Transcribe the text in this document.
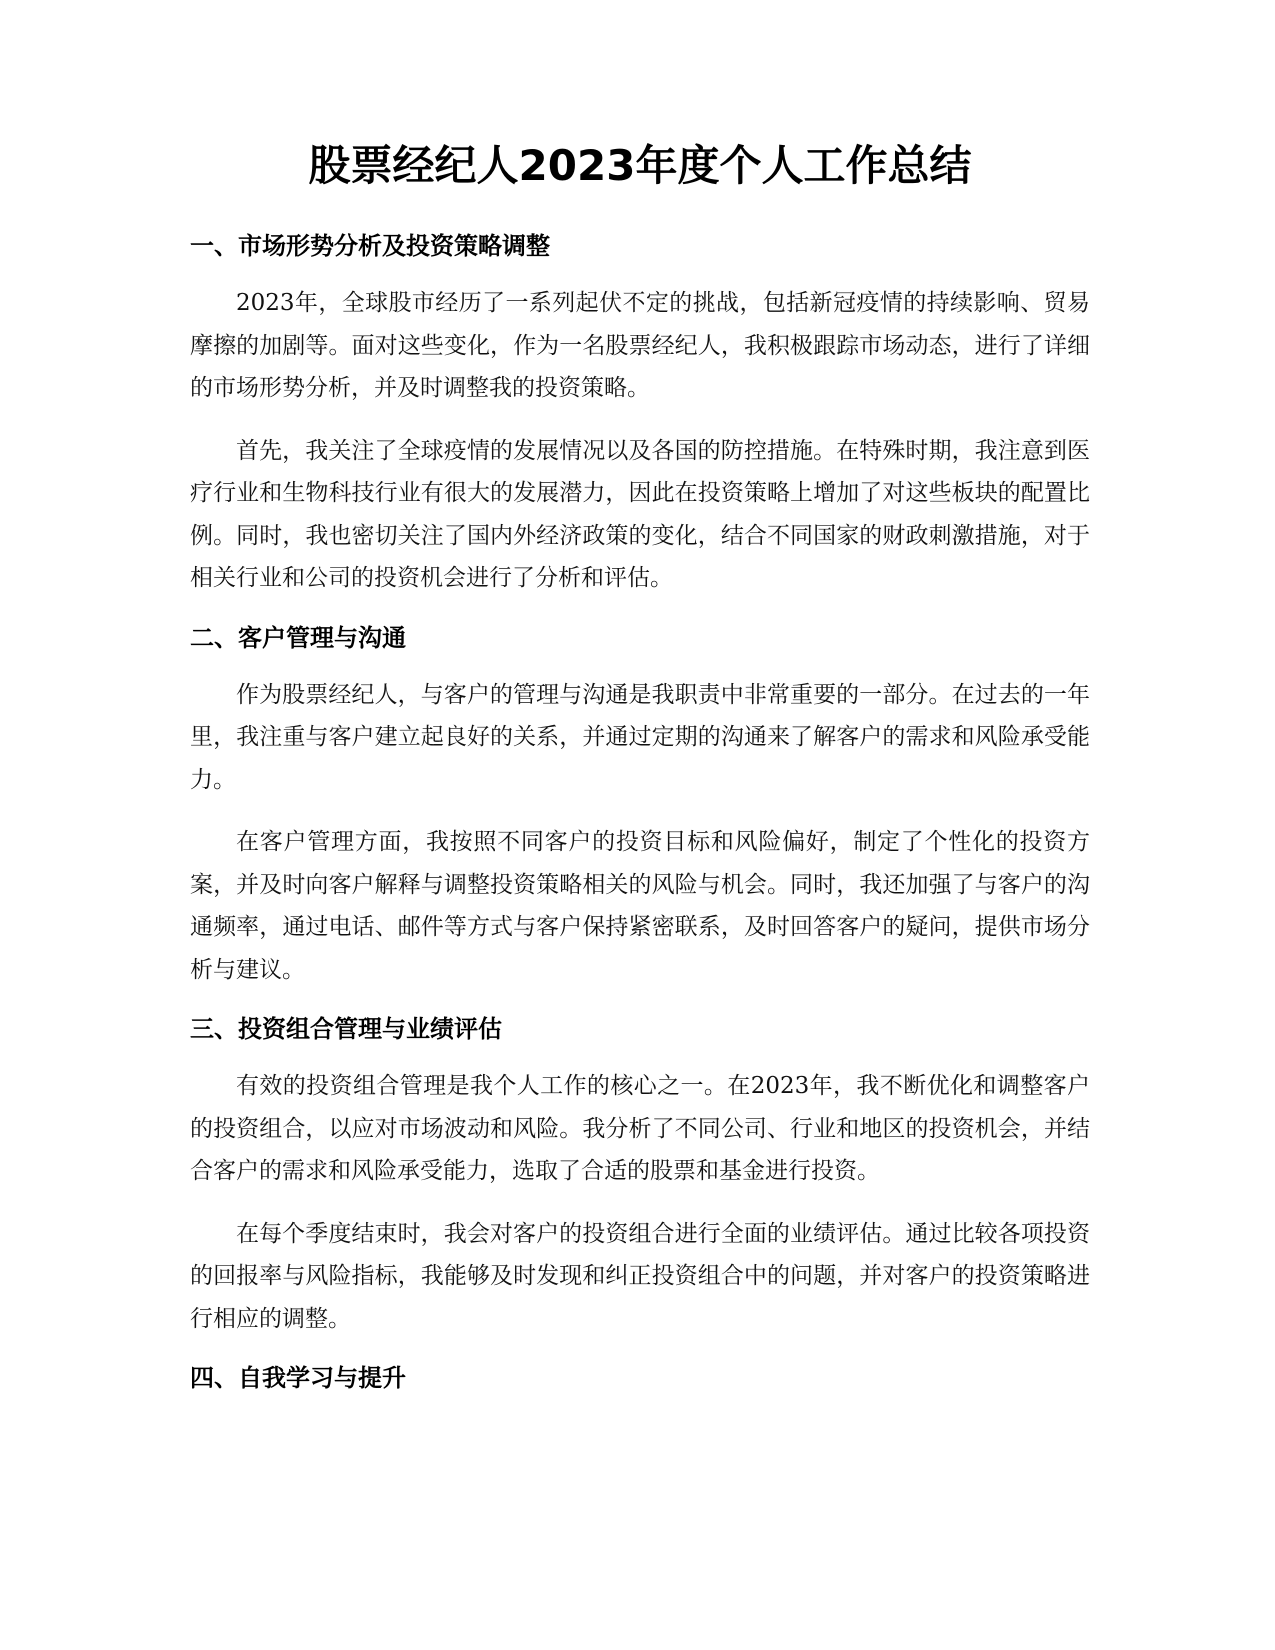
股票经纪人2023年度个人工作总结
一、市场形势分析及投资策略调整

2023年，全球股市经历了一系列起伏不定的挑战，包括新冠疫情的持续影响、贸易摩擦的加剧等。面对这些变化，作为一名股票经纪人，我积极跟踪市场动态，进行了详细的市场形势分析，并及时调整我的投资策略。

首先，我关注了全球疫情的发展情况以及各国的防控措施。在特殊时期，我注意到医疗行业和生物科技行业有很大的发展潜力，因此在投资策略上增加了对这些板块的配置比例。同时，我也密切关注了国内外经济政策的变化，结合不同国家的财政刺激措施，对于相关行业和公司的投资机会进行了分析和评估。

二、客户管理与沟通

作为股票经纪人，与客户的管理与沟通是我职责中非常重要的一部分。在过去的一年里，我注重与客户建立起良好的关系，并通过定期的沟通来了解客户的需求和风险承受能力。

在客户管理方面，我按照不同客户的投资目标和风险偏好，制定了个性化的投资方案，并及时向客户解释与调整投资策略相关的风险与机会。同时，我还加强了与客户的沟通频率，通过电话、邮件等方式与客户保持紧密联系，及时回答客户的疑问，提供市场分析与建议。

三、投资组合管理与业绩评估

有效的投资组合管理是我个人工作的核心之一。在2023年，我不断优化和调整客户的投资组合，以应对市场波动和风险。我分析了不同公司、行业和地区的投资机会，并结合客户的需求和风险承受能力，选取了合适的股票和基金进行投资。

在每个季度结束时，我会对客户的投资组合进行全面的业绩评估。通过比较各项投资的回报率与风险指标，我能够及时发现和纠正投资组合中的问题，并对客户的投资策略进行相应的调整。

四、自我学习与提升
